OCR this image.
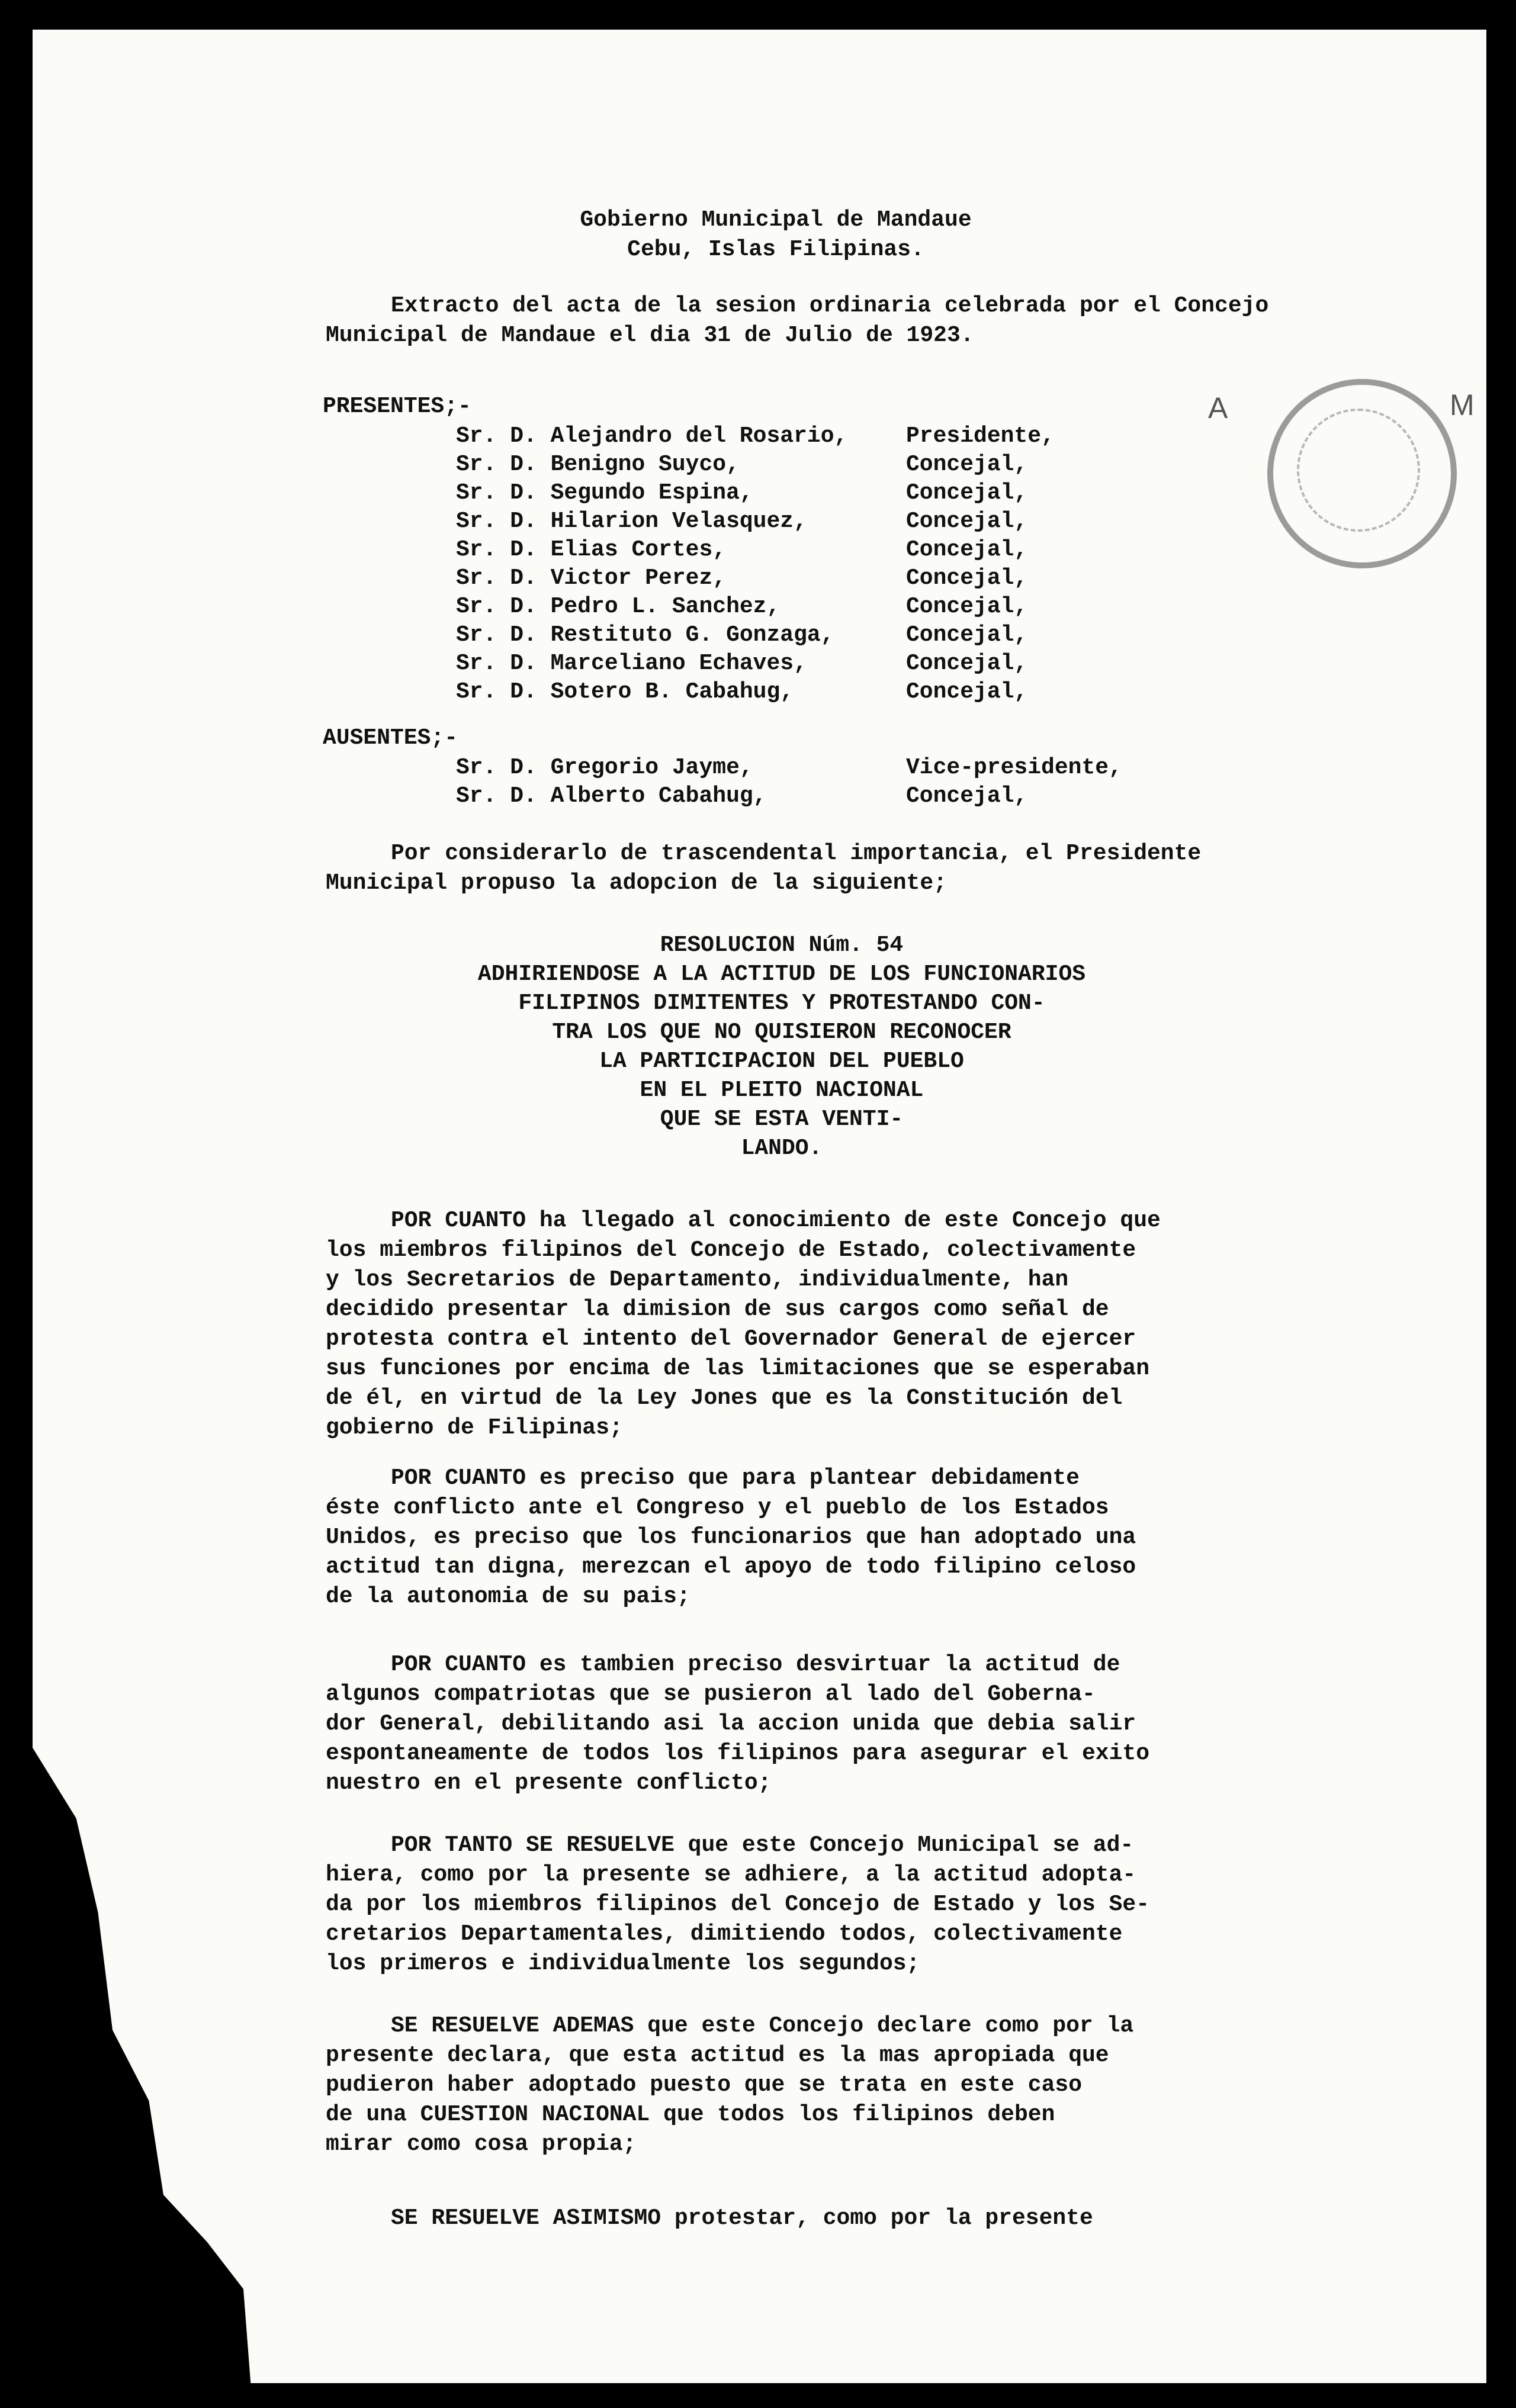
A	M
Gobierno Municipal de Mandaue
Cebu, Islas Filipinas.
Extracto del acta de la sesion ordinaria celebrada por el Concejo
Municipal de Mandaue el dia 31 de Julio de 1923.
PRESENTES;-
Sr. D. Alejandro del Rosario,	Presidente,
Sr. D. Benigno Suyco,	Concejal,
Sr. D. Segundo Espina,	Concejal,
Sr. D. Hilarion Velasquez,	Concejal,
Sr. D. Elias Cortes,	Concejal,
Sr. D. Victor Perez,	Concejal,
Sr. D. Pedro L. Sanchez,	Concejal,
Sr. D. Restituto G. Gonzaga,	Concejal,
Sr. D. Marceliano Echaves,	Concejal,
Sr. D. Sotero B. Cabahug,	Concejal,
AUSENTES;-
Sr. D. Gregorio Jayme,	Vice-presidente,
Sr. D. Alberto Cabahug,	Concejal,
Por considerarlo de trascendental importancia, el Presidente
Municipal propuso la adopcion de la siguiente;
RESOLUCION Núm. 54
ADHIRIENDOSE A LA ACTITUD DE LOS FUNCIONARIOS
FILIPINOS DIMITENTES Y PROTESTANDO CON-
TRA LOS QUE NO QUISIERON RECONOCER
LA PARTICIPACION DEL PUEBLO
EN EL PLEITO NACIONAL
QUE SE ESTA VENTI-
LANDO.
POR CUANTO ha llegado al conocimiento de este Concejo que
los miembros filipinos del Concejo de Estado, colectivamente
y los Secretarios de Departamento, individualmente, han
decidido presentar la dimision de sus cargos como señal de
protesta contra el intento del Governador General de ejercer
sus funciones por encima de las limitaciones que se esperaban
de él, en virtud de la Ley Jones que es la Constitución del
gobierno de Filipinas;
POR CUANTO es preciso que para plantear debidamente
éste conflicto ante el Congreso y el pueblo de los Estados
Unidos, es preciso que los funcionarios que han adoptado una
actitud tan digna, merezcan el apoyo de todo filipino celoso
de la autonomia de su pais;
POR CUANTO es tambien preciso desvirtuar la actitud de
algunos compatriotas que se pusieron al lado del Goberna-
dor General, debilitando asi la accion unida que debia salir
espontaneamente de todos los filipinos para asegurar el exito
nuestro en el presente conflicto;
POR TANTO SE RESUELVE que este Concejo Municipal se ad-
hiera, como por la presente se adhiere, a la actitud adopta-
da por los miembros filipinos del Concejo de Estado y los Se-
cretarios Departamentales, dimitiendo todos, colectivamente
los primeros e individualmente los segundos;
SE RESUELVE ADEMAS que este Concejo declare como por la
presente declara, que esta actitud es la mas apropiada que
pudieron haber adoptado puesto que se trata en este caso
de una CUESTION NACIONAL que todos los filipinos deben
mirar como cosa propia;
SE RESUELVE ASIMISMO protestar, como por la presente
